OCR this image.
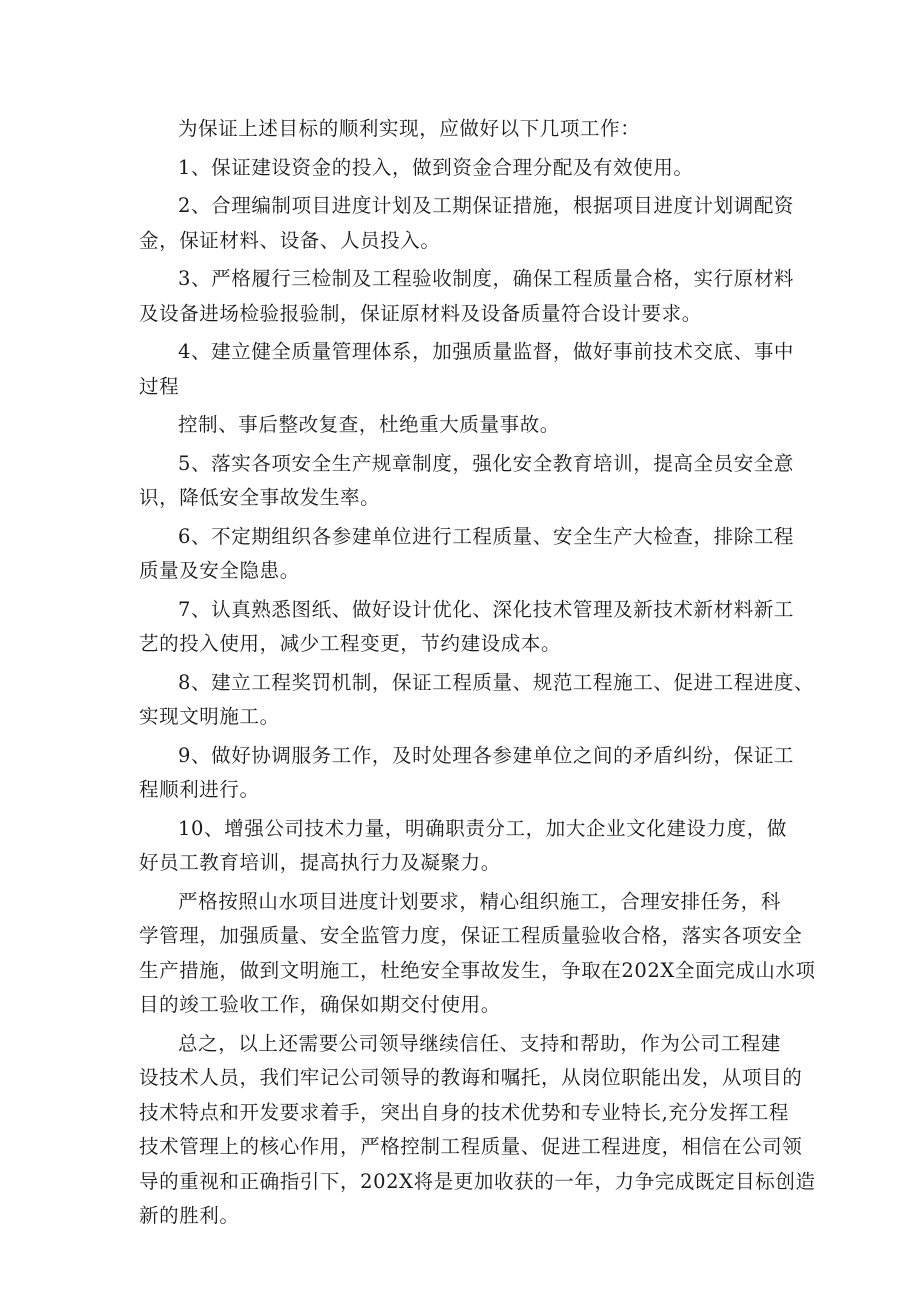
为保证上述目标的顺利实现，应做好以下几项工作：
1、保证建设资金的投入，做到资金合理分配及有效使用。
2、合理编制项目进度计划及工期保证措施，根据项目进度计划调配资
金，保证材料、设备、人员投入。
3、严格履行三检制及工程验收制度，确保工程质量合格，实行原材料
及设备进场检验报验制，保证原材料及设备质量符合设计要求。
4、建立健全质量管理体系，加强质量监督，做好事前技术交底、事中
过程
控制、事后整改复查，杜绝重大质量事故。
5、落实各项安全生产规章制度，强化安全教育培训，提高全员安全意
识，降低安全事故发生率。
6、不定期组织各参建单位进行工程质量、安全生产大检查，排除工程
质量及安全隐患。
7、认真熟悉图纸、做好设计优化、深化技术管理及新技术新材料新工
艺的投入使用，减少工程变更，节约建设成本。
8、建立工程奖罚机制，保证工程质量、规范工程施工、促进工程进度、
实现文明施工。
9、做好协调服务工作，及时处理各参建单位之间的矛盾纠纷，保证工
程顺利进行。
10、增强公司技术力量，明确职责分工，加大企业文化建设力度，做
好员工教育培训，提高执行力及凝聚力。
严格按照山水项目进度计划要求，精心组织施工，合理安排任务，科
学管理，加强质量、安全监管力度，保证工程质量验收合格，落实各项安全
生产措施，做到文明施工，杜绝安全事故发生，争取在202X全面完成山水项
目的竣工验收工作，确保如期交付使用。
总之，以上还需要公司领导继续信任、支持和帮助，作为公司工程建
设技术人员，我们牢记公司领导的教诲和嘱托，从岗位职能出发，从项目的
技术特点和开发要求着手，突出自身的技术优势和专业特长,充分发挥工程
技术管理上的核心作用，严格控制工程质量、促进工程进度，相信在公司领
导的重视和正确指引下，202X将是更加收获的一年，力争完成既定目标创造
新的胜利。
